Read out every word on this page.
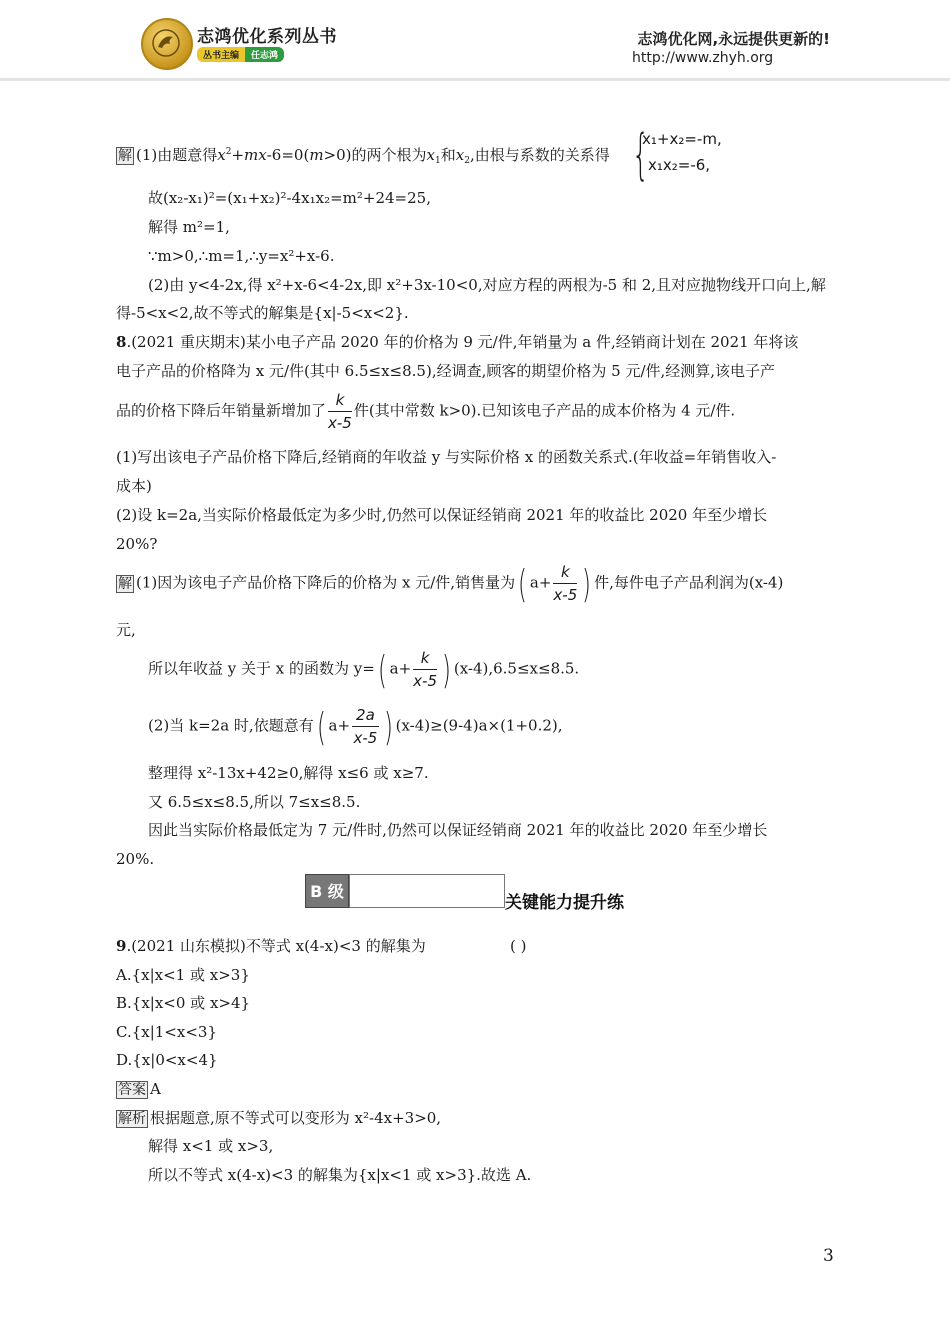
志鸿优化系列丛书
丛书主编 任志鸿
志鸿优化网,永远提供更新的!
http://www.zhyh.org
解 (1)由题意得$x^2+mx-6=0(m>0)$的两个根为$x_1$和$x_2$,由根与系数的关系得 {
x₁+x₂=-m,
x₁x₂=-6,
故(x₂-x₁)²=(x₁+x₂)²-4x₁x₂=m²+24=25,
解得 m²=1,
∵m>0,∴m=1,∴y=x²+x-6.
(2)由 y<4-2x,得 x²+x-6<4-2x,即 x²+3x-10<0,对应方程的两根为-5 和 2,且对应抛物线开口向上,解
得-5<x<2,故不等式的解集是{x|-5<x<2}.
8.(2021 重庆期末)某小电子产品 2020 年的价格为 9 元/件,年销量为 a 件,经销商计划在 2021 年将该
电子产品的价格降为 x 元/件(其中 6.5≤x≤8.5),经调查,顾客的期望价格为 5 元/件,经测算,该电子产
品的价格下降后年销量新增加了 $\frac{k}{x-5}$ 件(其中常数 k>0).已知该电子产品的成本价格为 4 元/件.
(1)写出该电子产品价格下降后,经销商的年收益 y 与实际价格 x 的函数关系式.(年收益=年销售收入-
成本)
(2)设 k=2a,当实际价格最低定为多少时,仍然可以保证经销商 2021 年的收益比 2020 年至少增长
20%?
解 (1)因为该电子产品价格下降后的价格为 x 元/件,销售量为( $a+ \frac{k}{x-5}$ ) 件,每件电子产品利润为(x-4)
元,
所以年收益 y 关于 x 的函数为 y=( $a+ \frac{k}{x-5}$ ) (x-4),6.5≤x≤8.5.
(2)当 k=2a 时,依题意有( $a+ \frac{2a}{x-5}$ ) (x-4)≥(9-4)a×(1+0.2),
整理得 x²-13x+42≥0,解得 x≤6 或 x≥7.
又 6.5≤x≤8.5,所以 7≤x≤8.5.
因此当实际价格最低定为 7 元/件时,仍然可以保证经销商 2021 年的收益比 2020 年至少增长
20%.
B 级
关键能力提升练
9.(2021 山东模拟)不等式 x(4-x)<3 的解集为	( )
A.{x|x<1 或 x>3}
B.{x|x<0 或 x>4}
C.{x|1<x<3}
D.{x|0<x<4}
答案 A
解析 根据题意,原不等式可以变形为 x²-4x+3>0,
解得 x<1 或 x>3,
所以不等式 x(4-x)<3 的解集为{x|x<1 或 x>3}.故选 A.
3
